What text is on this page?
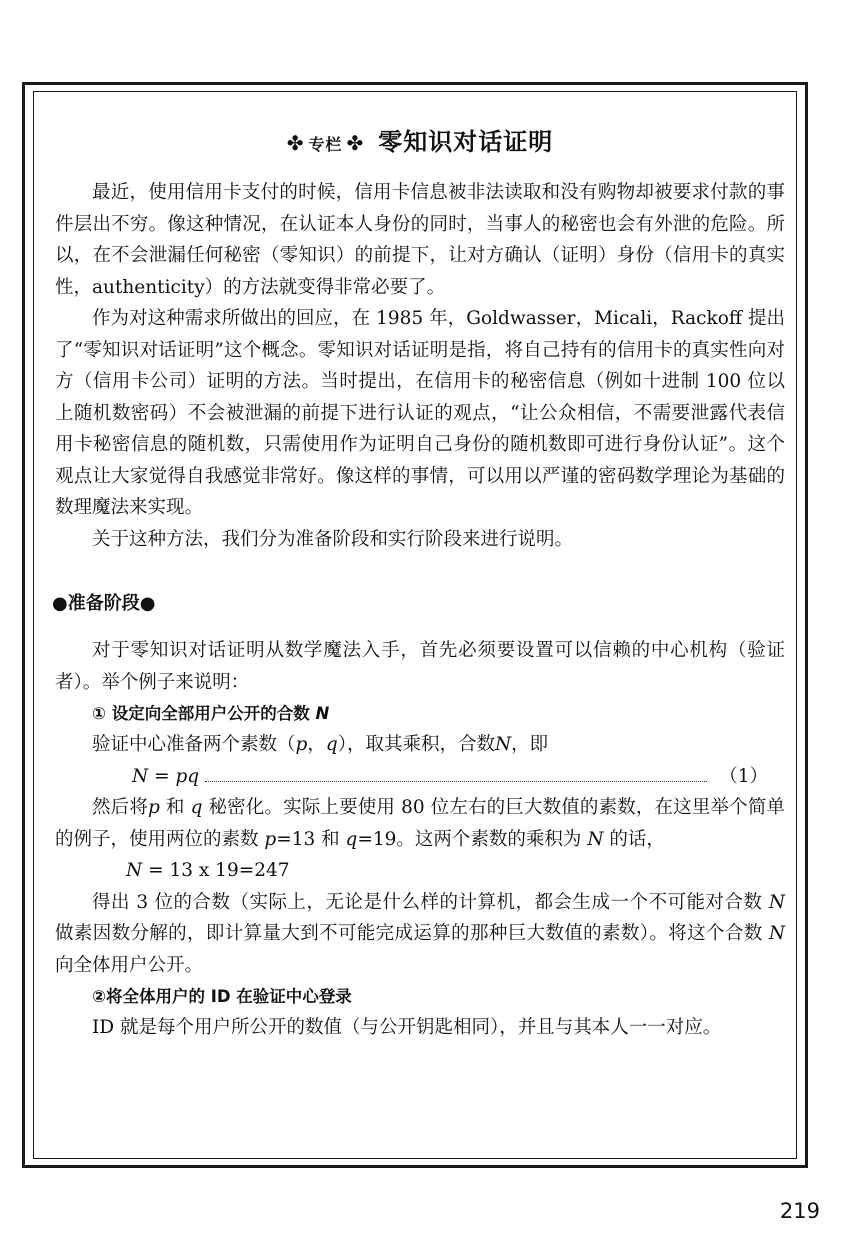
✤ 专栏 ✤ 零知识对话证明

最近，使用信用卡支付的时候，信用卡信息被非法读取和没有购物却被要求付款的事件层出不穷。像这种情况，在认证本人身份的同时，当事人的秘密也会有外泄的危险。所以，在不会泄漏任何秘密（零知识）的前提下，让对方确认（证明）身份（信用卡的真实性，authenticity）的方法就变得非常必要了。

作为对这种需求所做出的回应，在 1985 年，Goldwasser，Micali，Rackoff 提出了“零知识对话证明”这个概念。零知识对话证明是指，将自己持有的信用卡的真实性向对方（信用卡公司）证明的方法。当时提出，在信用卡的秘密信息（例如十进制 100 位以上随机数密码）不会被泄漏的前提下进行认证的观点，“让公众相信，不需要泄露代表信用卡秘密信息的随机数，只需使用作为证明自己身份的随机数即可进行身份认证”。这个观点让大家觉得自我感觉非常好。像这样的事情，可以用以严谨的密码数学理论为基础的数理魔法来实现。

关于这种方法，我们分为准备阶段和实行阶段来进行说明。

●准备阶段●

对于零知识对话证明从数学魔法入手，首先必须要设置可以信赖的中心机构（验证者）。举个例子来说明：

① 设定向全部用户公开的合数 N
验证中心准备两个素数（p，q），取其乘积，合数N，即
N = pq	（1）

然后将p 和 q 秘密化。实际上要使用 80 位左右的巨大数值的素数，在这里举个简单的例子，使用两位的素数 p=13 和 q=19。这两个素数的乘积为 N 的话，

N = 13 x 19=247

得出 3 位的合数（实际上，无论是什么样的计算机，都会生成一个不可能对合数 N 做素因数分解的，即计算量大到不可能完成运算的那种巨大数值的素数）。将这个合数 N 向全体用户公开。

②将全体用户的 ID 在验证中心登录
ID 就是每个用户所公开的数值（与公开钥匙相同），并且与其本人一一对应。
219
